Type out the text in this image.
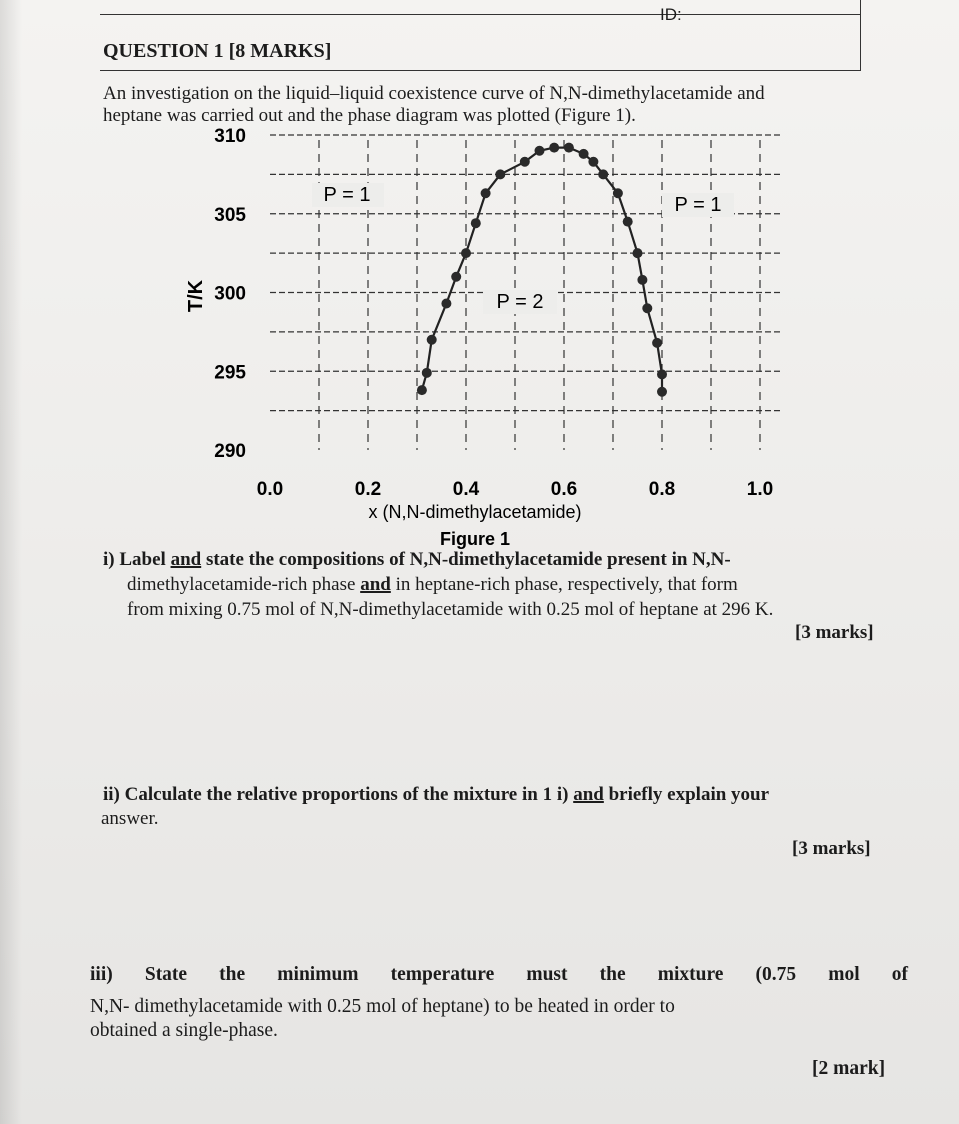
ID:
QUESTION 1 [8 MARKS]
An investigation on the liquid–liquid coexistence curve of N,N-dimethylacetamide and
heptane was carried out and the phase diagram was plotted (Figure 1).
0.0	0.2	0.4	0.6	0.8	1.0
310
305
300
295
290
T/K
x (N,N-dimethylacetamide)
Figure 1
P = 1	P = 1
P = 2
i) Label and state the compositions of N,N-dimethylacetamide present in N,N-
dimethylacetamide-rich phase and in heptane-rich phase, respectively, that form
from mixing 0.75 mol of N,N-dimethylacetamide with 0.25 mol of heptane at 296 K.
[3 marks]
ii) Calculate the relative proportions of the mixture in 1 i) and briefly explain your
answer.
[3 marks]
iii) State the minimum temperature must the mixture (0.75 mol of
N,N- dimethylacetamide with 0.25 mol of heptane) to be heated in order to
obtained a single-phase.
[2 mark]
